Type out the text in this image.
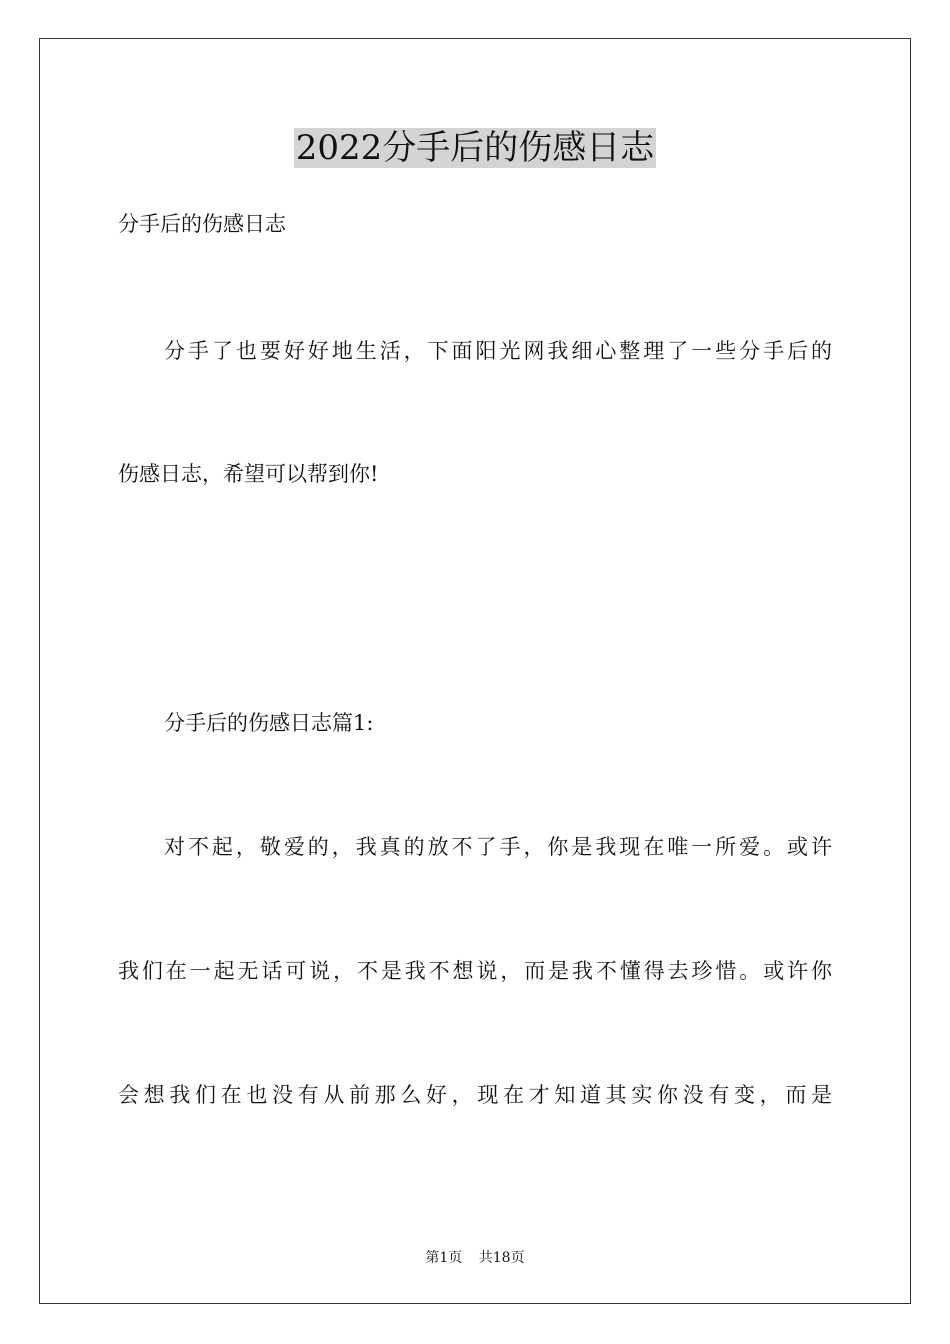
2022分手后的伤感日志

分手后的伤感日志

分手了也要好好地生活，下面阳光网我细心整理了一些分手后的

伤感日志，希望可以帮到你!

分手后的伤感日志篇1:

对不起，敬爱的，我真的放不了手，你是我现在唯一所爱。或许

我们在一起无话可说，不是我不想说，而是我不懂得去珍惜。或许你

会想我们在也没有从前那么好，现在才知道其实你没有变，而是

第1页 共18页
